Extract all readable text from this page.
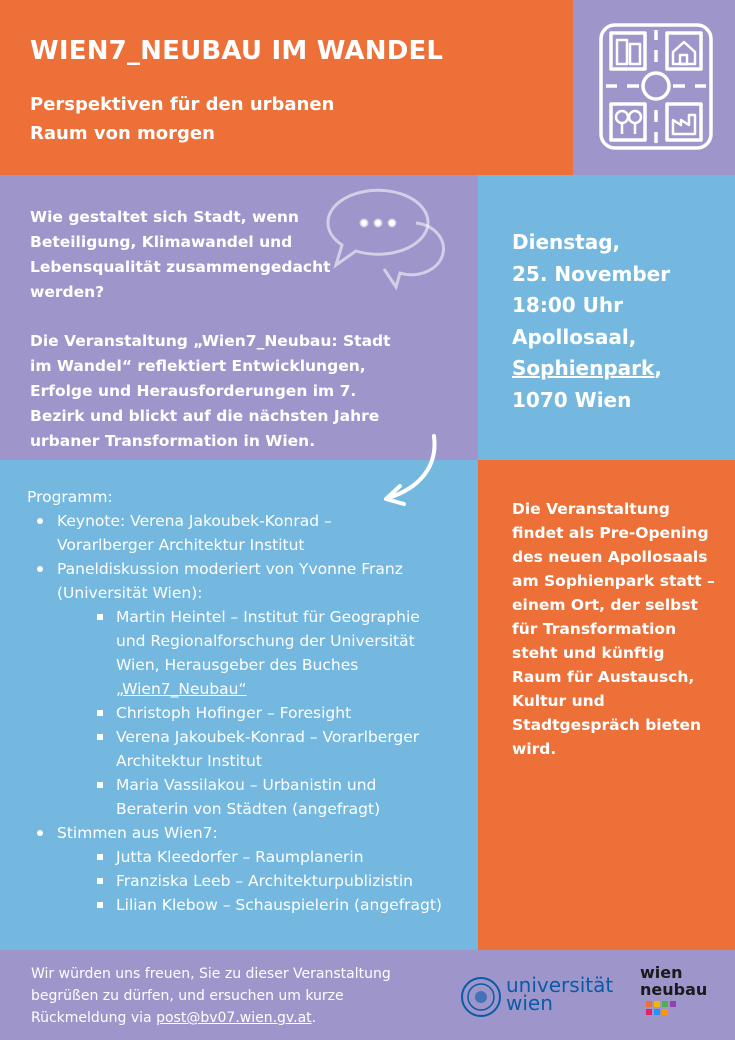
WIEN7_NEUBAU IM WANDEL
Perspektiven für den urbanen
Raum von morgen

Wie gestaltet sich Stadt, wenn Beteiligung, Klimawandel und Lebensqualität zusammengedacht werden?

Die Veranstaltung „Wien7_Neubau: Stadt im Wandel“ reflektiert Entwicklungen, Erfolge und Herausforderungen im 7. Bezirk und blickt auf die nächsten Jahre urbaner Transformation in Wien.

Dienstag,
25. November
18:00 Uhr
Apollosaal,
Sophienpark,
1070 Wien
Programm:
Keynote: Verena Jakoubek-Konrad – Vorarlberger Architektur Institut
Paneldiskussion moderiert von Yvonne Franz (Universität Wien):
Martin Heintel – Institut für Geographie und Regionalforschung der Universität Wien, Herausgeber des Buches „Wien7_Neubau“
Christoph Hofinger – Foresight
Verena Jakoubek-Konrad – Vorarlberger Architektur Institut
Maria Vassilakou – Urbanistin und Beraterin von Städten (angefragt)
Stimmen aus Wien7:
Jutta Kleedorfer – Raumplanerin
Franziska Leeb – Architekturpublizistin
Lilian Klebow – Schauspielerin (angefragt)
Die Veranstaltung findet als Pre-Opening des neuen Apollosaals am Sophienpark statt – einem Ort, der selbst für Transformation steht und künftig Raum für Austausch, Kultur und Stadtgespräch bieten wird.
Wir würden uns freuen, Sie zu dieser Veranstaltung begrüßen zu dürfen, und ersuchen um kurze Rückmeldung via post@bv07.wien.gv.at.
universität
wien
wien
neubau
